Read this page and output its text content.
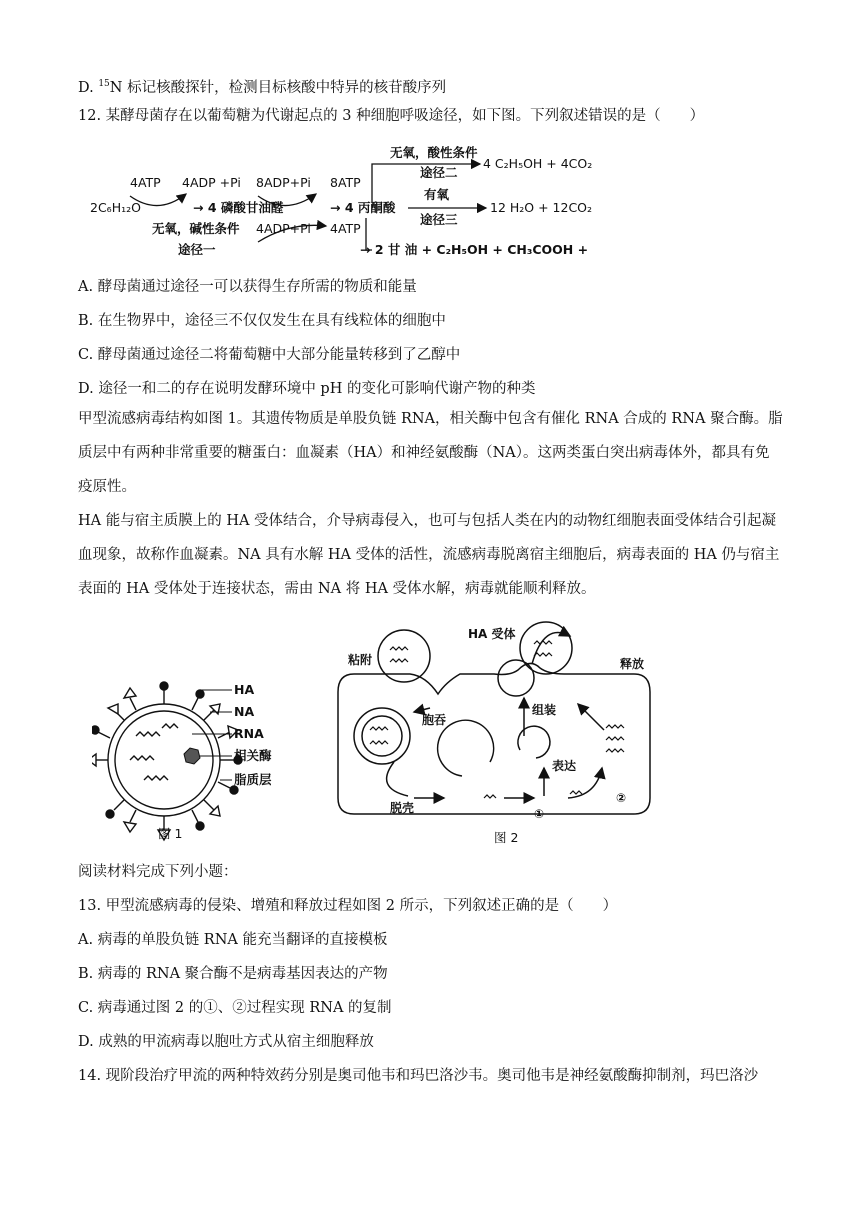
D. $^{15}$N 标记核酸探针，检测目标核酸中特异的核苷酸序列
12. 某酵母菌存在以葡萄糖为代谢起点的 3 种细胞呼吸途径，如下图。下列叙述错误的是（　　）
2C₆H₁₂O
4ATP 4ADP +Pi 8ADP+Pi 8ATP
→ 4 磷酸甘油醛	→ 4 丙酮酸
无氧，碱性条件
途径一
4ADP+Pi 4ATP
→ 2 甘 油 + C₂H₅OH + CH₃COOH +
无氧，酸性条件
途径二
4 C₂H₅OH + 4CO₂
有氧
途径三
12 H₂O + 12CO₂
A. 酵母菌通过途径一可以获得生存所需的物质和能量
B. 在生物界中，途径三不仅仅发生在具有线粒体的细胞中
C. 酵母菌通过途径二将葡萄糖中大部分能量转移到了乙醇中
D. 途径一和二的存在说明发酵环境中 pH 的变化可影响代谢产物的种类
甲型流感病毒结构如图 1。其遗传物质是单股负链 RNA，相关酶中包含有催化 RNA 合成的 RNA 聚合酶。脂质层中有两种非常重要的糖蛋白：血凝素（HA）和神经氨酸酶（NA）。这两类蛋白突出病毒体外，都具有免疫原性。
HA 能与宿主质膜上的 HA 受体结合，介导病毒侵入，也可与包括人类在内的动物红细胞表面受体结合引起凝血现象，故称作血凝素。NA 具有水解 HA 受体的活性，流感病毒脱离宿主细胞后，病毒表面的 HA 仍与宿主表面的 HA 受体处于连接状态，需由 NA 将 HA 受体水解，病毒就能顺利释放。
HA
NA
RNA
相关酶
脂质层
图 1
粘附
HA 受体
释放
组装
胞吞
表达
脱壳	①
②
图 2
阅读材料完成下列小题：
13. 甲型流感病毒的侵染、增殖和释放过程如图 2 所示，下列叙述正确的是（　　）
A. 病毒的单股负链 RNA 能充当翻译的直接模板
B. 病毒的 RNA 聚合酶不是病毒基因表达的产物
C. 病毒通过图 2 的①、②过程实现 RNA 的复制
D. 成熟的甲流病毒以胞吐方式从宿主细胞释放
14. 现阶段治疗甲流的两种特效药分别是奥司他韦和玛巴洛沙韦。奥司他韦是神经氨酸酶抑制剂，玛巴洛沙
